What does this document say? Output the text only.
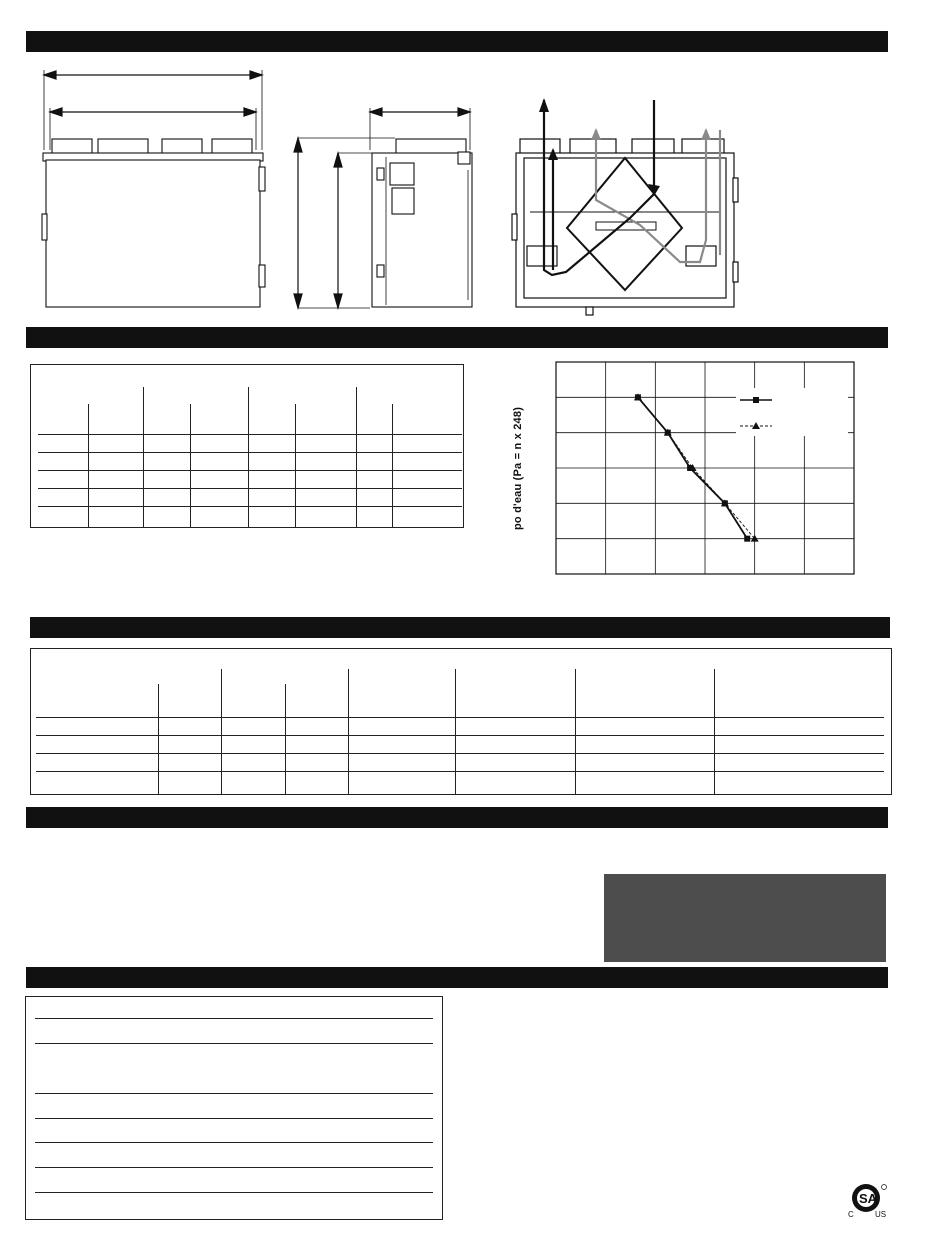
po d'eau (Pa = n x 248)
SA
C	US
